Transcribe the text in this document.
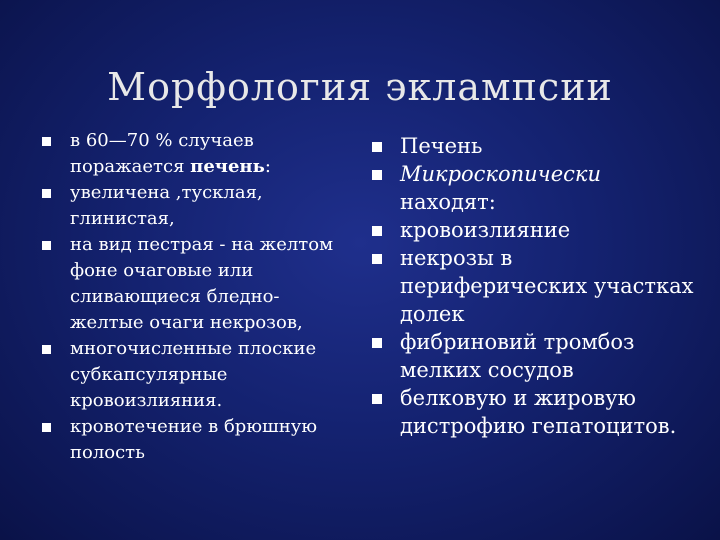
Морфология эклампсии
в 60—70 % случаев поражается печень:
увеличена ,тусклая, глинистая,
на вид пестрая - на желтом фоне очаговые или сливающиеся бледно-желтые очаги некрозов,
многочисленные плоские субкапсулярные кровоизлияния.
кровотечение в брюшную полость
Печень
Микроскопически находят:
кровоизлияние
некрозы в периферических участках долек
фибриновий тромбоз мелких сосудов
белковую и жировую дистрофию гепатоцитов.
